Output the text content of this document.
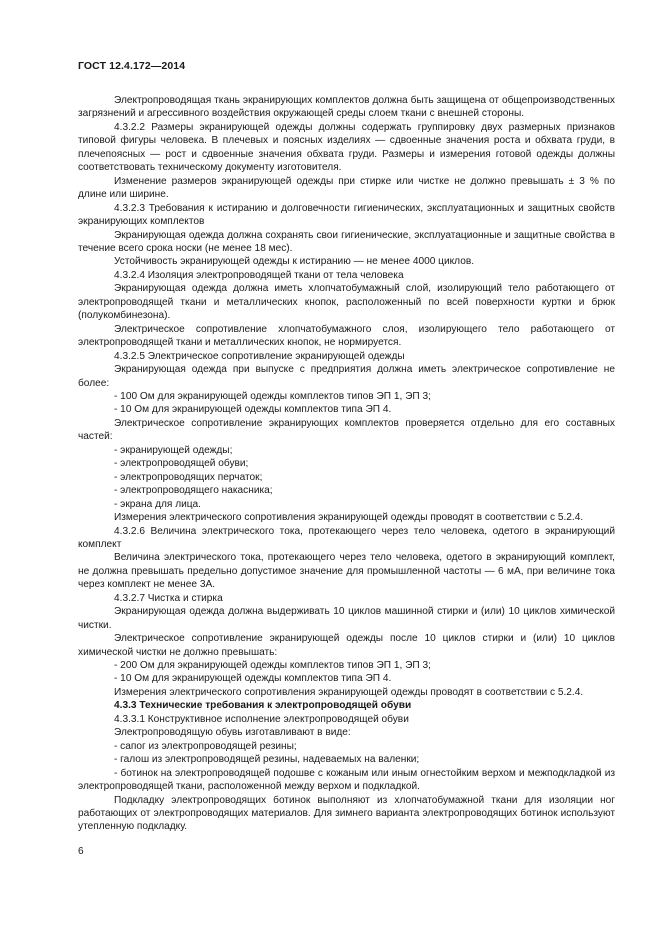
ГОСТ 12.4.172—2014

Электропроводящая ткань экранирующих комплектов должна быть защищена от общепроизводственных загрязнений и агрессивного воздействия окружающей среды слоем ткани с внешней стороны.

4.3.2.2 Размеры экранирующей одежды должны содержать группировку двух размерных признаков типовой фигуры человека. В плечевых и поясных изделиях — сдвоенные значения роста и обхвата груди, в плечепоясных — рост и сдвоенные значения обхвата груди. Размеры и измерения готовой одежды должны соответствовать техническому документу изготовителя.

Изменение размеров экранирующей одежды при стирке или чистке не должно превышать ± 3 % по длине или ширине.

4.3.2.3 Требования к истиранию и долговечности гигиенических, эксплуатационных и защитных свойств экранирующих комплектов

Экранирующая одежда должна сохранять свои гигиенические, эксплуатационные и защитные свойства в течение всего срока носки (не менее 18 мес).

Устойчивость экранирующей одежды к истиранию — не менее 4000 циклов.

4.3.2.4 Изоляция электропроводящей ткани от тела человека

Экранирующая одежда должна иметь хлопчатобумажный слой, изолирующий тело работающего от электропроводящей ткани и металлических кнопок, расположенный по всей поверхности куртки и брюк (полукомбинезона).

Электрическое сопротивление хлопчатобумажного слоя, изолирующего тело работающего от электропроводящей ткани и металлических кнопок, не нормируется.

4.3.2.5 Электрическое сопротивление экранирующей одежды

Экранирующая одежда при выпуске с предприятия должна иметь электрическое сопротивление не более:

- 100 Ом для экранирующей одежды комплектов типов ЭП 1, ЭП 3;

- 10 Ом для экранирующей одежды комплектов типа ЭП 4.

Электрическое сопротивление экранирующих комплектов проверяется отдельно для его составных частей:

- экранирующей одежды;

- электропроводящей обуви;

- электропроводящих перчаток;

- электропроводящего накасника;

- экрана для лица.

Измерения электрического сопротивления экранирующей одежды проводят в соответствии с 5.2.4.

4.3.2.6 Величина электрического тока, протекающего через тело человека, одетого в экранирующий комплект

Величина электрического тока, протекающего через тело человека, одетого в экранирующий комплект, не должна превышать предельно допустимое значение для промышленной частоты — 6 мА, при величине тока через комплект не менее 3А.

4.3.2.7 Чистка и стирка

Экранирующая одежда должна выдерживать 10 циклов машинной стирки и (или) 10 циклов химической чистки.

Электрическое сопротивление экранирующей одежды после 10 циклов стирки и (или) 10 циклов химической чистки не должно превышать:

- 200 Ом для экранирующей одежды комплектов типов ЭП 1, ЭП 3;

- 10 Ом для экранирующей одежды комплектов типа ЭП 4.

Измерения электрического сопротивления экранирующей одежды проводят в соответствии с 5.2.4.

4.3.3 Технические требования к электропроводящей обуви

4.3.3.1 Конструктивное исполнение электропроводящей обуви

Электропроводящую обувь изготавливают в виде:

- сапог из электропроводящей резины;

- галош из электропроводящей резины, надеваемых на валенки;

- ботинок на электропроводящей подошве с кожаным или иным огнестойким верхом и межподкладкой из электропроводящей ткани, расположенной между верхом и подкладкой.

Подкладку электропроводящих ботинок выполняют из хлопчатобумажной ткани для изоляции ног работающих от электропроводящих материалов. Для зимнего варианта электропроводящих ботинок используют утепленную подкладку.

6
